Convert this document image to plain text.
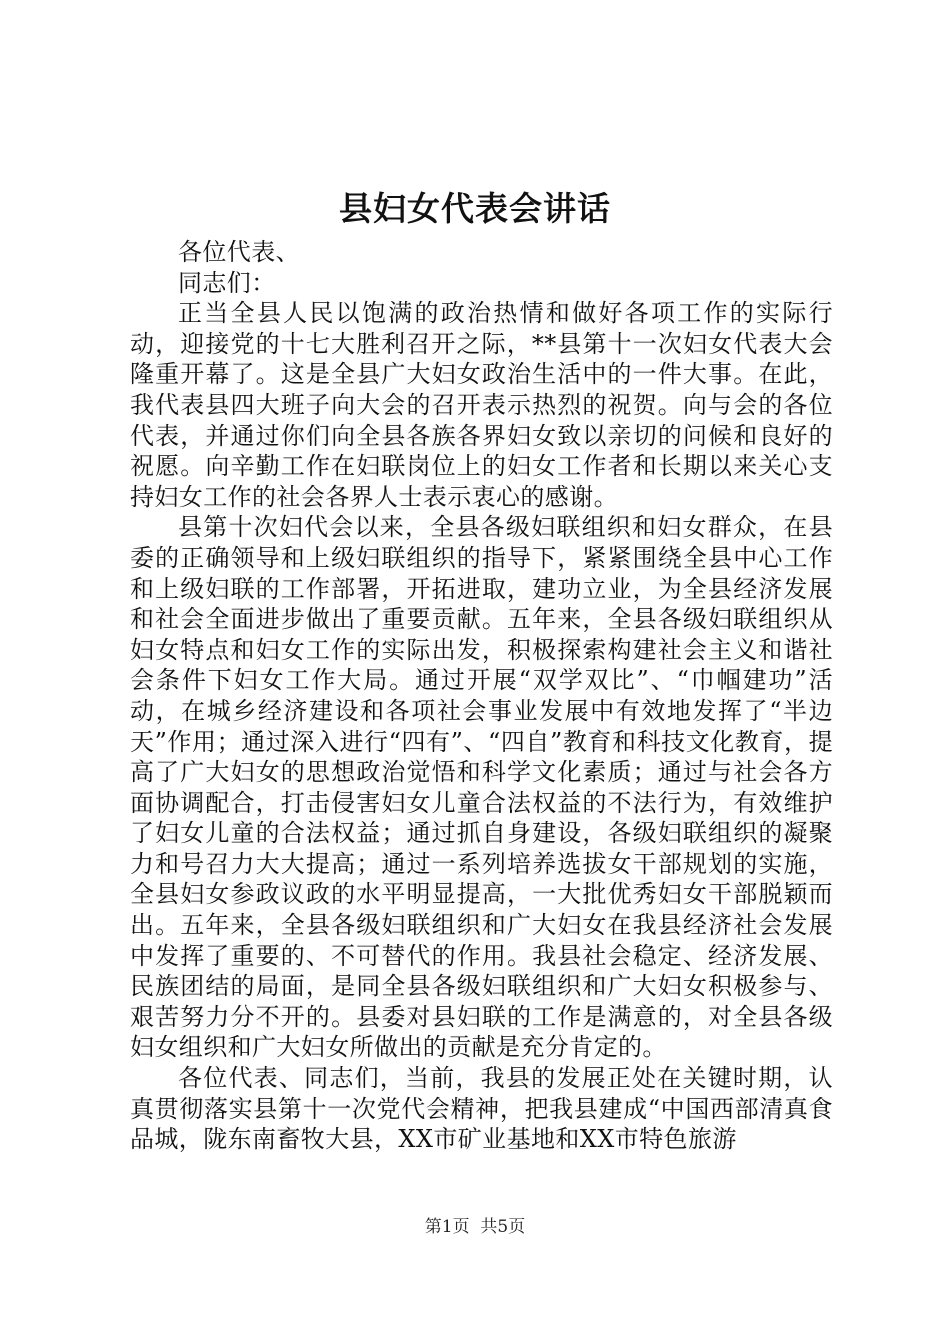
县妇女代表会讲话

各位代表、

同志们：

正当全县人民以饱满的政治热情和做好各项工作的实际行动，迎接党的十七大胜利召开之际，**县第十一次妇女代表大会隆重开幕了。这是全县广大妇女政治生活中的一件大事。在此，我代表县四大班子向大会的召开表示热烈的祝贺。向与会的各位代表，并通过你们向全县各族各界妇女致以亲切的问候和良好的祝愿。向辛勤工作在妇联岗位上的妇女工作者和长期以来关心支持妇女工作的社会各界人士表示衷心的感谢。

县第十次妇代会以来，全县各级妇联组织和妇女群众，在县委的正确领导和上级妇联组织的指导下，紧紧围绕全县中心工作和上级妇联的工作部署，开拓进取，建功立业，为全县经济发展和社会全面进步做出了重要贡献。五年来，全县各级妇联组织从妇女特点和妇女工作的实际出发，积极探索构建社会主义和谐社会条件下妇女工作大局。通过开展“双学双比”、“巾帼建功”活动，在城乡经济建设和各项社会事业发展中有效地发挥了“半边天”作用；通过深入进行“四有”、“四自”教育和科技文化教育，提高了广大妇女的思想政治觉悟和科学文化素质；通过与社会各方面协调配合，打击侵害妇女儿童合法权益的不法行为，有效维护了妇女儿童的合法权益；通过抓自身建设，各级妇联组织的凝聚力和号召力大大提高；通过一系列培养选拔女干部规划的实施，全县妇女参政议政的水平明显提高，一大批优秀妇女干部脱颖而出。五年来，全县各级妇联组织和广大妇女在我县经济社会发展中发挥了重要的、不可替代的作用。我县社会稳定、经济发展、民族团结的局面，是同全县各级妇联组织和广大妇女积极参与、艰苦努力分不开的。县委对县妇联的工作是满意的，对全县各级妇女组织和广大妇女所做出的贡献是充分肯定的。

各位代表、同志们，当前，我县的发展正处在关键时期，认真贯彻落实县第十一次党代会精神，把我县建成“中国西部清真食品城，陇东南畜牧大县，XX市矿业基地和XX市特色旅游

第1页  共5页
